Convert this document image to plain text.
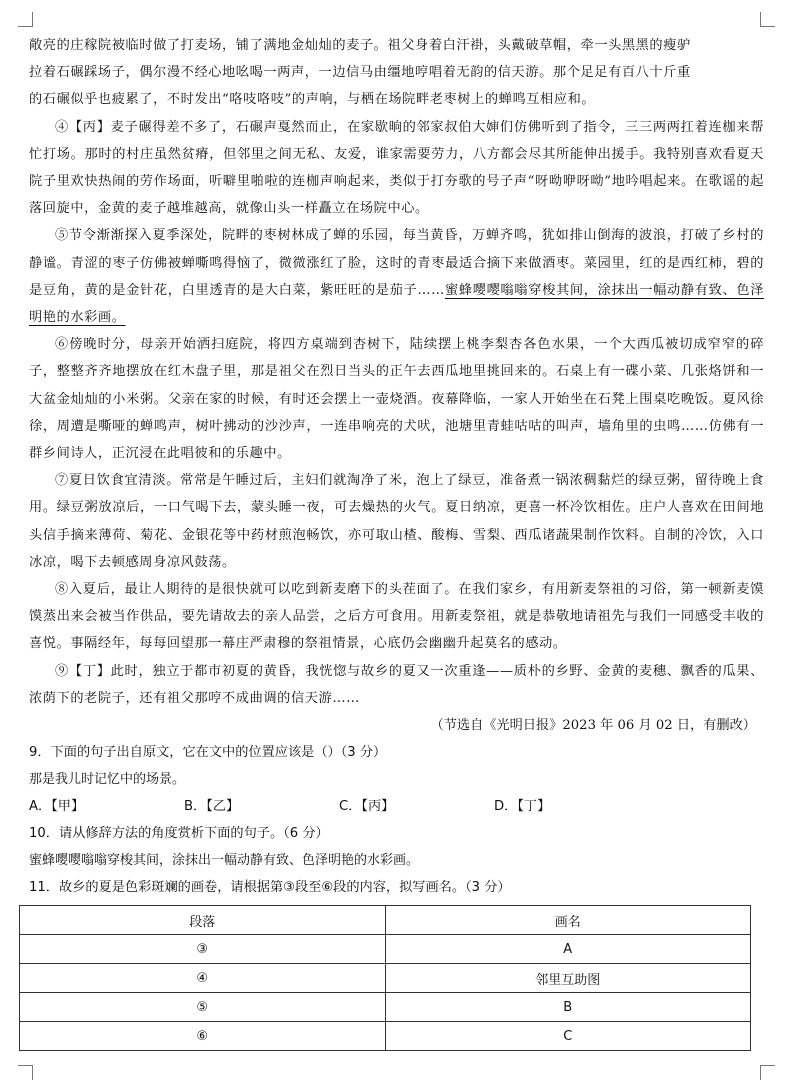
敞亮的庄稼院被临时做了打麦场，铺了满地金灿灿的麦子。祖父身着白汗褂，头戴破草帽，牵一头黑黑的瘦驴

拉着石碾踩场子，偶尔漫不经心地吆喝一两声，一边信马由缰地哼唱着无韵的信天游。那个足足有百八十斤重

的石碾似乎也疲累了，不时发出“咯吱咯吱”的声响，与栖在场院畔老枣树上的蝉鸣互相应和。

④【丙】麦子碾得差不多了，石碾声戛然而止，在家歇晌的邻家叔伯大婶们仿佛听到了指令，三三两两扛着连枷来帮忙打场。那时的村庄虽然贫瘠，但邻里之间无私、友爱，谁家需要劳力，八方都会尽其所能伸出援手。我特别喜欢看夏天院子里欢快热闹的劳作场面，听噼里啪啦的连枷声响起来，类似于打夯歌的号子声“呀呦咿呀呦”地吟唱起来。在歌谣的起落回旋中，金黄的麦子越堆越高，就像山头一样矗立在场院中心。

⑤节令渐渐探入夏季深处，院畔的枣树林成了蝉的乐园，每当黄昏，万蝉齐鸣，犹如排山倒海的波浪，打破了乡村的静谧。青涩的枣子仿佛被蝉嘶鸣得恼了，微微涨红了脸，这时的青枣最适合摘下来做酒枣。菜园里，红的是西红柿，碧的是豆角，黄的是金针花，白里透青的是大白菜，紫旺旺的是茄子……蜜蜂嘤嘤嗡嗡穿梭其间，涂抹出一幅动静有致、色泽明艳的水彩画。

⑥傍晚时分，母亲开始洒扫庭院，将四方桌端到杏树下，陆续摆上桃李梨杏各色水果，一个大西瓜被切成窄窄的碎子，整整齐齐地摆放在红木盘子里，那是祖父在烈日当头的正午去西瓜地里挑回来的。石桌上有一碟小菜、几张烙饼和一大盆金灿灿的小米粥。父亲在家的时候，有时还会摆上一壶烧酒。夜幕降临，一家人开始坐在石凳上围桌吃晚饭。夏风徐徐，周遭是嘶哑的蝉鸣声，树叶拂动的沙沙声，一连串响亮的犬吠，池塘里青蛙咕咕的叫声，墙角里的虫鸣……仿佛有一群乡间诗人，正沉浸在此唱彼和的乐趣中。

⑦夏日饮食宜清淡。常常是午睡过后，主妇们就淘净了米，泡上了绿豆，准备煮一锅浓稠黏烂的绿豆粥，留待晚上食用。绿豆粥放凉后，一口气喝下去，蒙头睡一夜，可去燥热的火气。夏日纳凉，更喜一杯冷饮相佐。庄户人喜欢在田间地头信手摘来薄荷、菊花、金银花等中药材煎泡畅饮，亦可取山楂、酸梅、雪梨、西瓜诸蔬果制作饮料。自制的冷饮，入口冰凉，喝下去顿感周身凉风鼓荡。

⑧入夏后，最让人期待的是很快就可以吃到新麦磨下的头茬面了。在我们家乡，有用新麦祭祖的习俗，第一顿新麦馍馍蒸出来会被当作供品，要先请故去的亲人品尝，之后方可食用。用新麦祭祖，就是恭敬地请祖先与我们一同感受丰收的喜悦。事隔经年，每每回望那一幕庄严肃穆的祭祖情景，心底仍会幽幽升起莫名的感动。

⑨【丁】此时，独立于都市初夏的黄昏，我恍惚与故乡的夏又一次重逢——质朴的乡野、金黄的麦穗、飘香的瓜果、浓荫下的老院子，还有祖父那哼不成曲调的信天游……

（节选自《光明日报》2023 年 06 月 02 日，有删改）

9．下面的句子出自原文，它在文中的位置应该是（）（3 分）

那是我儿时记忆中的场景。

A．【甲】	B．【乙】	C．【丙】	D．【丁】

10．请从修辞方法的角度赏析下面的句子。（6 分）

蜜蜂嘤嘤嗡嗡穿梭其间，涂抹出一幅动静有致、色泽明艳的水彩画。

11．故乡的夏是色彩斑斓的画卷，请根据第③段至⑥段的内容，拟写画名。（3 分）

段落	画名
③	A
④	邻里互助图
⑤	B
⑥	C
